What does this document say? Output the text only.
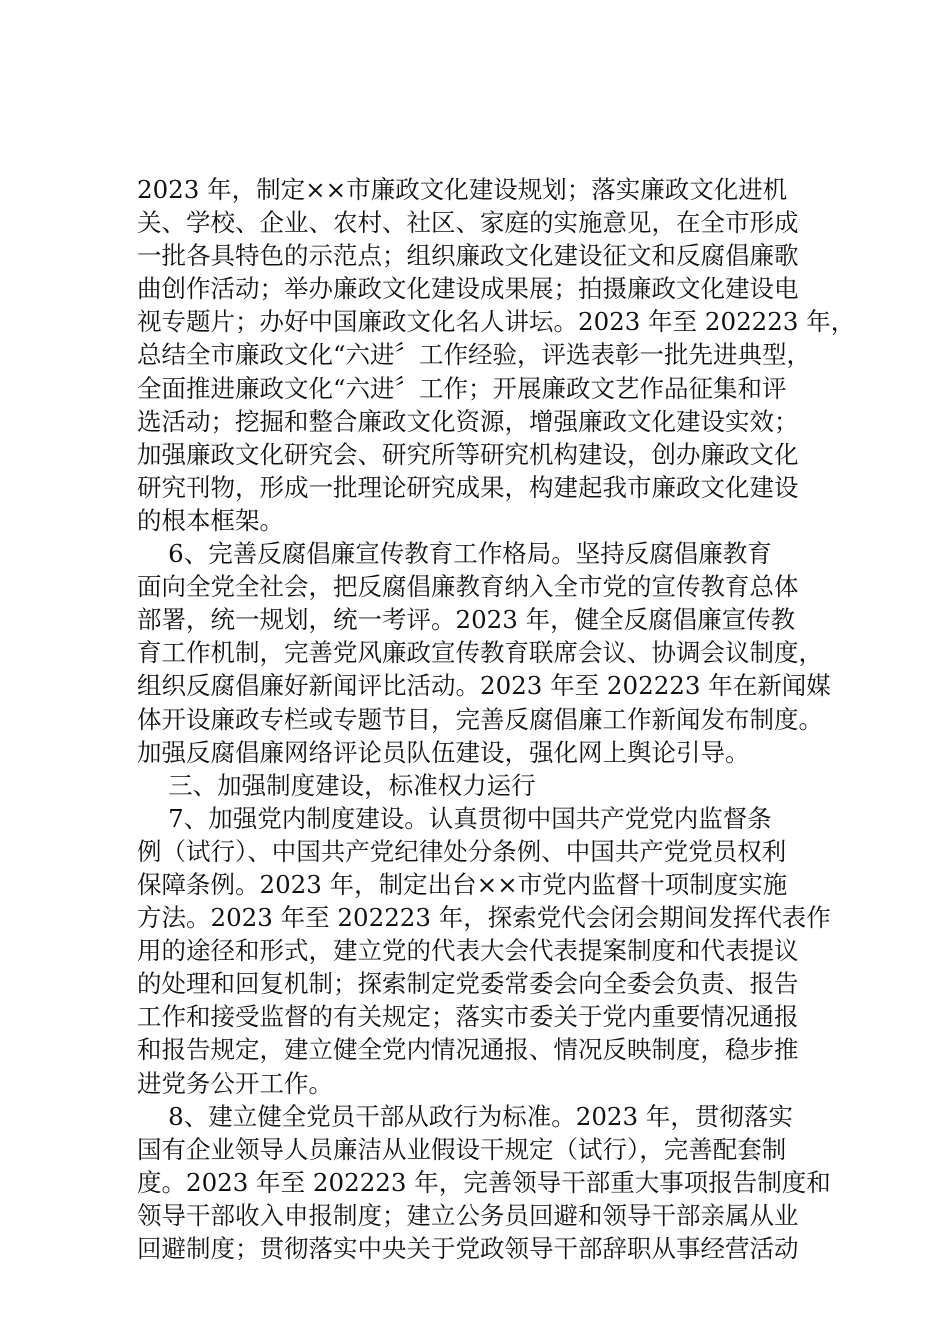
2023 年，制定××市廉政文化建设规划；落实廉政文化进机
关、学校、企业、农村、社区、家庭的实施意见，在全市形成
一批各具特色的示范点；组织廉政文化建设征文和反腐倡廉歌
曲创作活动；举办廉政文化建设成果展；拍摄廉政文化建设电
视专题片；办好中国廉政文化名人讲坛。2023 年至 202223 年，
总结全市廉政文化“六进〞工作经验，评选表彰一批先进典型，
全面推进廉政文化“六进〞工作；开展廉政文艺作品征集和评
选活动；挖掘和整合廉政文化资源，增强廉政文化建设实效；
加强廉政文化研究会、研究所等研究机构建设，创办廉政文化
研究刊物，形成一批理论研究成果，构建起我市廉政文化建设
的根本框架。
6、完善反腐倡廉宣传教育工作格局。坚持反腐倡廉教育
面向全党全社会，把反腐倡廉教育纳入全市党的宣传教育总体
部署，统一规划，统一考评。2023 年，健全反腐倡廉宣传教
育工作机制，完善党风廉政宣传教育联席会议、协调会议制度，
组织反腐倡廉好新闻评比活动。2023 年至 202223 年在新闻媒
体开设廉政专栏或专题节目，完善反腐倡廉工作新闻发布制度。
加强反腐倡廉网络评论员队伍建设，强化网上舆论引导。
三、加强制度建设，标准权力运行
7、加强党内制度建设。认真贯彻中国共产党党内监督条
例（试行）、中国共产党纪律处分条例、中国共产党党员权利
保障条例。2023 年，制定出台××市党内监督十项制度实施
方法。2023 年至 202223 年，探索党代会闭会期间发挥代表作
用的途径和形式，建立党的代表大会代表提案制度和代表提议
的处理和回复机制；探索制定党委常委会向全委会负责、报告
工作和接受监督的有关规定；落实市委关于党内重要情况通报
和报告规定，建立健全党内情况通报、情况反映制度，稳步推
进党务公开工作。
8、建立健全党员干部从政行为标准。2023 年，贯彻落实
国有企业领导人员廉洁从业假设干规定（试行），完善配套制
度。2023 年至 202223 年，完善领导干部重大事项报告制度和
领导干部收入申报制度；建立公务员回避和领导干部亲属从业
回避制度；贯彻落实中央关于党政领导干部辞职从事经营活动
